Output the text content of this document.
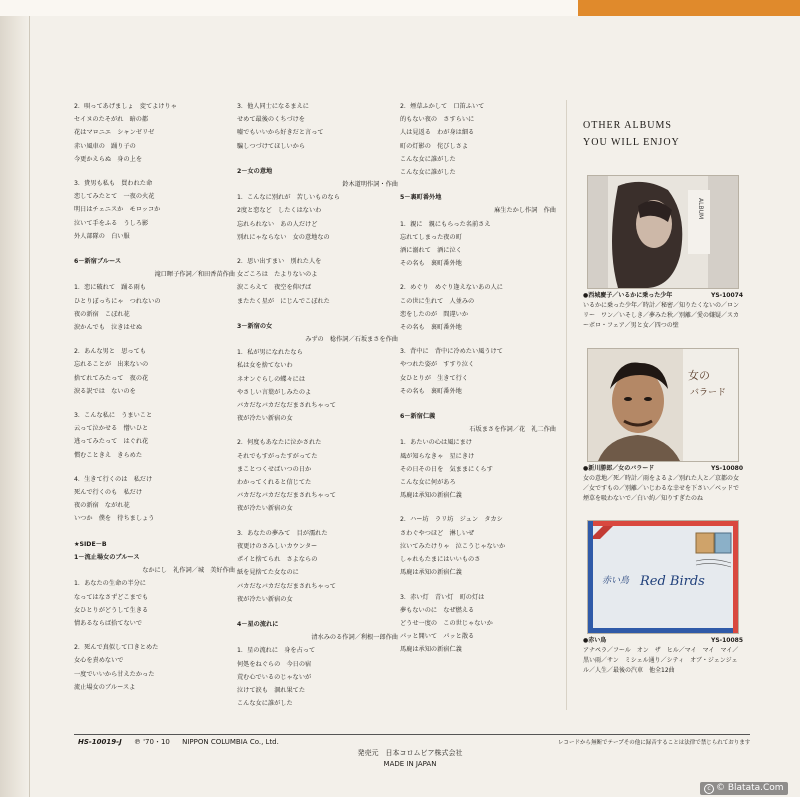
2．唄ってあげましょ　変てよけりゃ
セイヌのたそがれ　暗の都
花はマロニエ　シャンゼリゼ
赤い風車の　踊り子の
今更かえらぬ　身の上を
3．貴男も私も　買われた命
恋してみたとて　一夜の火花
明日はチェニスか　モロッコか
泣いて手をふる　うしろ影
外人部隊の　白い服
6－新宿ブルース
滝口暉子作詞／和田香苗作曲
1．恋に破れて　踊る雨も
ひとりぼっちにゃ　つれないの
夜の新宿　こぼれ花
涙かんでも　泣きはせぬ
2．あんな男と　思っても
忘れることが　出来ないの
捨てれてみたって　夜の花
淚る訳では　ないのを
3．こんな私に　うまいこと
云って泣かせる　憎いひと
逃ってみたって　はぐれ花
慣むこときえ　きらめた
4．生きて行くのは　私だけ
死んで行くのも　私だけ
夜の新宿　ながれ花
いつか　僕を　待ちましょう
★SIDE－B
1－流止場女のブルース
なかにし　礼作詞／城　美好作曲
1．あなたの生命の半分に
なってはなさずどこまでも
女ひとりがどうして生きる
情あるならば拾てないで
2．死んで真似して口きとめた
女心を責めないで
一度でいいから甘えたかった
流止場女のブルースよ
3．他人同士になるまえに
せめて最後のくちづけを
嘘でもいいから好きだと言って
騙しつづけてほしいから
2－女の意地
鈴木道明作詞・作曲
1．こんなに別れが　苦しいものなら
2度と恋など　したくはないわ
忘れられない　あの人だけど
別れにゃならない　女の意地なの
2．思い出すまい　別れた人を
女ごころは　たよりないのよ
涙こらえて　夜空を仰げば
またたく星が　にじんでこぼれた
3－新宿の女
みずの　稔作詞／石坂まさを作曲
1．私が男になれたなら
私は女を捨てないわ
ネオンぐらしの蝶々には
やさしい言葉がしみたのよ
バカだなバカだなだまされちゃって
夜が冷たい新宿の女
2．何度もあなたに泣かされた
それでもすがったすがってた
まことつくせばいつの日か
わかってくれると信じてた
バカだなバカだなだまされちゃって
夜が冷たい新宿の女
3．あなたの夢みて　目が濡れた
夜更けのさみしいカウンター
ポイと捨てられ　さよならの
紙を見捨てた女なのに
バカだなバカだなだまされちゃって
夜が冷たい新宿の女
4－星の流れに
清水みのる作詞／利根一郎作曲
1．星の流れに　身を占って
何処をねぐらの　今日の宿
荒む心でいるのじゃないが
泣けて涙も　涸れ果てた
こんな女に誰がした
2．煙草ふかして　口笛ふいて
的もない夜の　さすらいに
人は見返る　わが身は細る
町の灯影の　侘びしさよ
こんな女に誰がした
こんな女に誰がした
5－裏町番外地
麻生たかし作詞　作曲
1．親に　親にもらった名前さえ
忘れてしまった夜の町
酒に溺れて　酒に泣く
その名も　裏町番外地
2．めぐり　めぐり逢えないあの人に
この世に生れて　人並みの
恋をしたのが　間違いか
その名も　裏町番外地
3．背中に　背中に冷めたい風うけて
やつれた姿が　すすり泣く
女ひとりが　生きて行く
その名も　裏町番外地
6－新宿仁義
石坂まさを作詞／花　礼二作曲
1．あたいの心は風にまけ
風が知らなきゃ　星にきけ
その日その日を　気ままにくらす
こんな女に何があろ
馬鹿は承知の新宿仁義
2．ハー坊　ラリ坊　ジュン　タカシ
さわぐやつほど　淋しいぜ
泣いてみたけりゃ　泣こうじゃないか
しゃれもたまにはいいものさ
馬鹿は承知の新宿仁義
3．赤い灯　青い灯　町の灯は
夢もないのに　なぜ燃える
どうせ一度の　この世じゃないか
パッと開いて　パッと散る
馬鹿は承知の新宿仁義
OTHER ALBUMS
YOU WILL ENJOY
ALBUM
●西城慶子／いるかに乗った少年	YS-10074
いるかに乗った少年／時計／秘密／知りたくないの／ロンリー　ワン／いそしき／夢みた秋／別離／愛の嫌疑／スカーボロ・フェア／男と女／四つの壁
女の
バラード
●新川勝郎／女のバラード	YS-10080
女の意地／死／時計／雨をよるよ／別れた人と／京都の女／女ですもの／別離／いじわるな幸せを下さい／ベッドで煙草を吸わないで／白い約／知りすぎたのね
赤い鳥 Red Birds
●赤い鳥	YS-10085
アナペラ／フール　オン　ザ　ヒル／マイ　マイ　マイ／黒い雨／サン　ミシェル通り／シティ　オブ・ジェンジェル／人生／最後の汽車　他全12曲
HS-10019-J ℗ '70・10 NIPPON COLUMBIA Co., Ltd.	レコードから無断でテープその他に録音することは法律で禁じられております
発売元　日本コロムビア株式会社
MADE IN JAPAN
c © Blatata.Com
